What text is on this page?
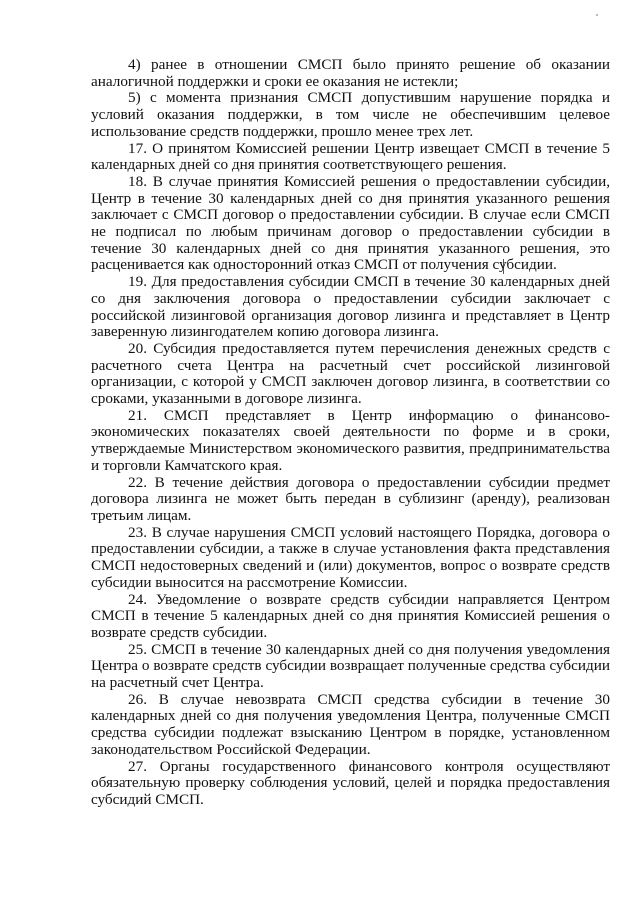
4) ранее в отношении СМСП было принято решение об оказании аналогичной поддержки и сроки ее оказания не истекли;

5) с момента признания СМСП допустившим нарушение порядка и условий оказания поддержки, в том числе не обеспечившим целевое использование средств поддержки, прошло менее трех лет.

17. О принятом Комиссией решении Центр извещает СМСП в течение 5 календарных дней со дня принятия соответствующего решения.

18. В случае принятия Комиссией решения о предоставлении субсидии, Центр в течение 30 календарных дней со дня принятия указанного решения заключает с СМСП договор о предоставлении субсидии. В случае если СМСП не подписал по любым причинам договор о предоставлении субсидии в течение 30 календарных дней со дня принятия указанного решения, это расценивается как односторонний отказ СМСП от получения субсидии.

19. Для предоставления субсидии СМСП в течение 30 календарных дней со дня заключения договора о предоставлении субсидии заключает с российской лизинговой организация договор лизинга и представляет в Центр заверенную лизингодателем копию договора лизинга.

20. Субсидия предоставляется путем перечисления денежных средств с расчетного счета Центра на расчетный счет российской лизинговой организации, с которой у СМСП заключен договор лизинга, в соответствии со сроками, указанными в договоре лизинга.

21. СМСП представляет в Центр информацию о финансово-экономических показателях своей деятельности по форме и в сроки, утверждаемые Министерством экономического развития, предпринимательства и торговли Камчатского края.

22. В течение действия договора о предоставлении субсидии предмет договора лизинга не может быть передан в сублизинг (аренду), реализован третьим лицам.

23. В случае нарушения СМСП условий настоящего Порядка, договора о предоставлении субсидии, а также в случае установления факта представления СМСП недостоверных сведений и (или) документов, вопрос о возврате средств субсидии выносится на рассмотрение Комиссии.

24. Уведомление о возврате средств субсидии направляется Центром СМСП в течение 5 календарных дней со дня принятия Комиссией решения о возврате средств субсидии.

25. СМСП в течение 30 календарных дней со дня получения уведомления Центра о возврате средств субсидии возвращает полученные средства субсидии на расчетный счет Центра.

26. В случае невозврата СМСП средства субсидии в течение 30 календарных дней со дня получения уведомления Центра, полученные СМСП средства субсидии подлежат взысканию Центром в порядке, установленном законодательством Российской Федерации.

27. Органы государственного финансового контроля осуществляют обязательную проверку соблюдения условий, целей и порядка предоставления субсидий СМСП.
